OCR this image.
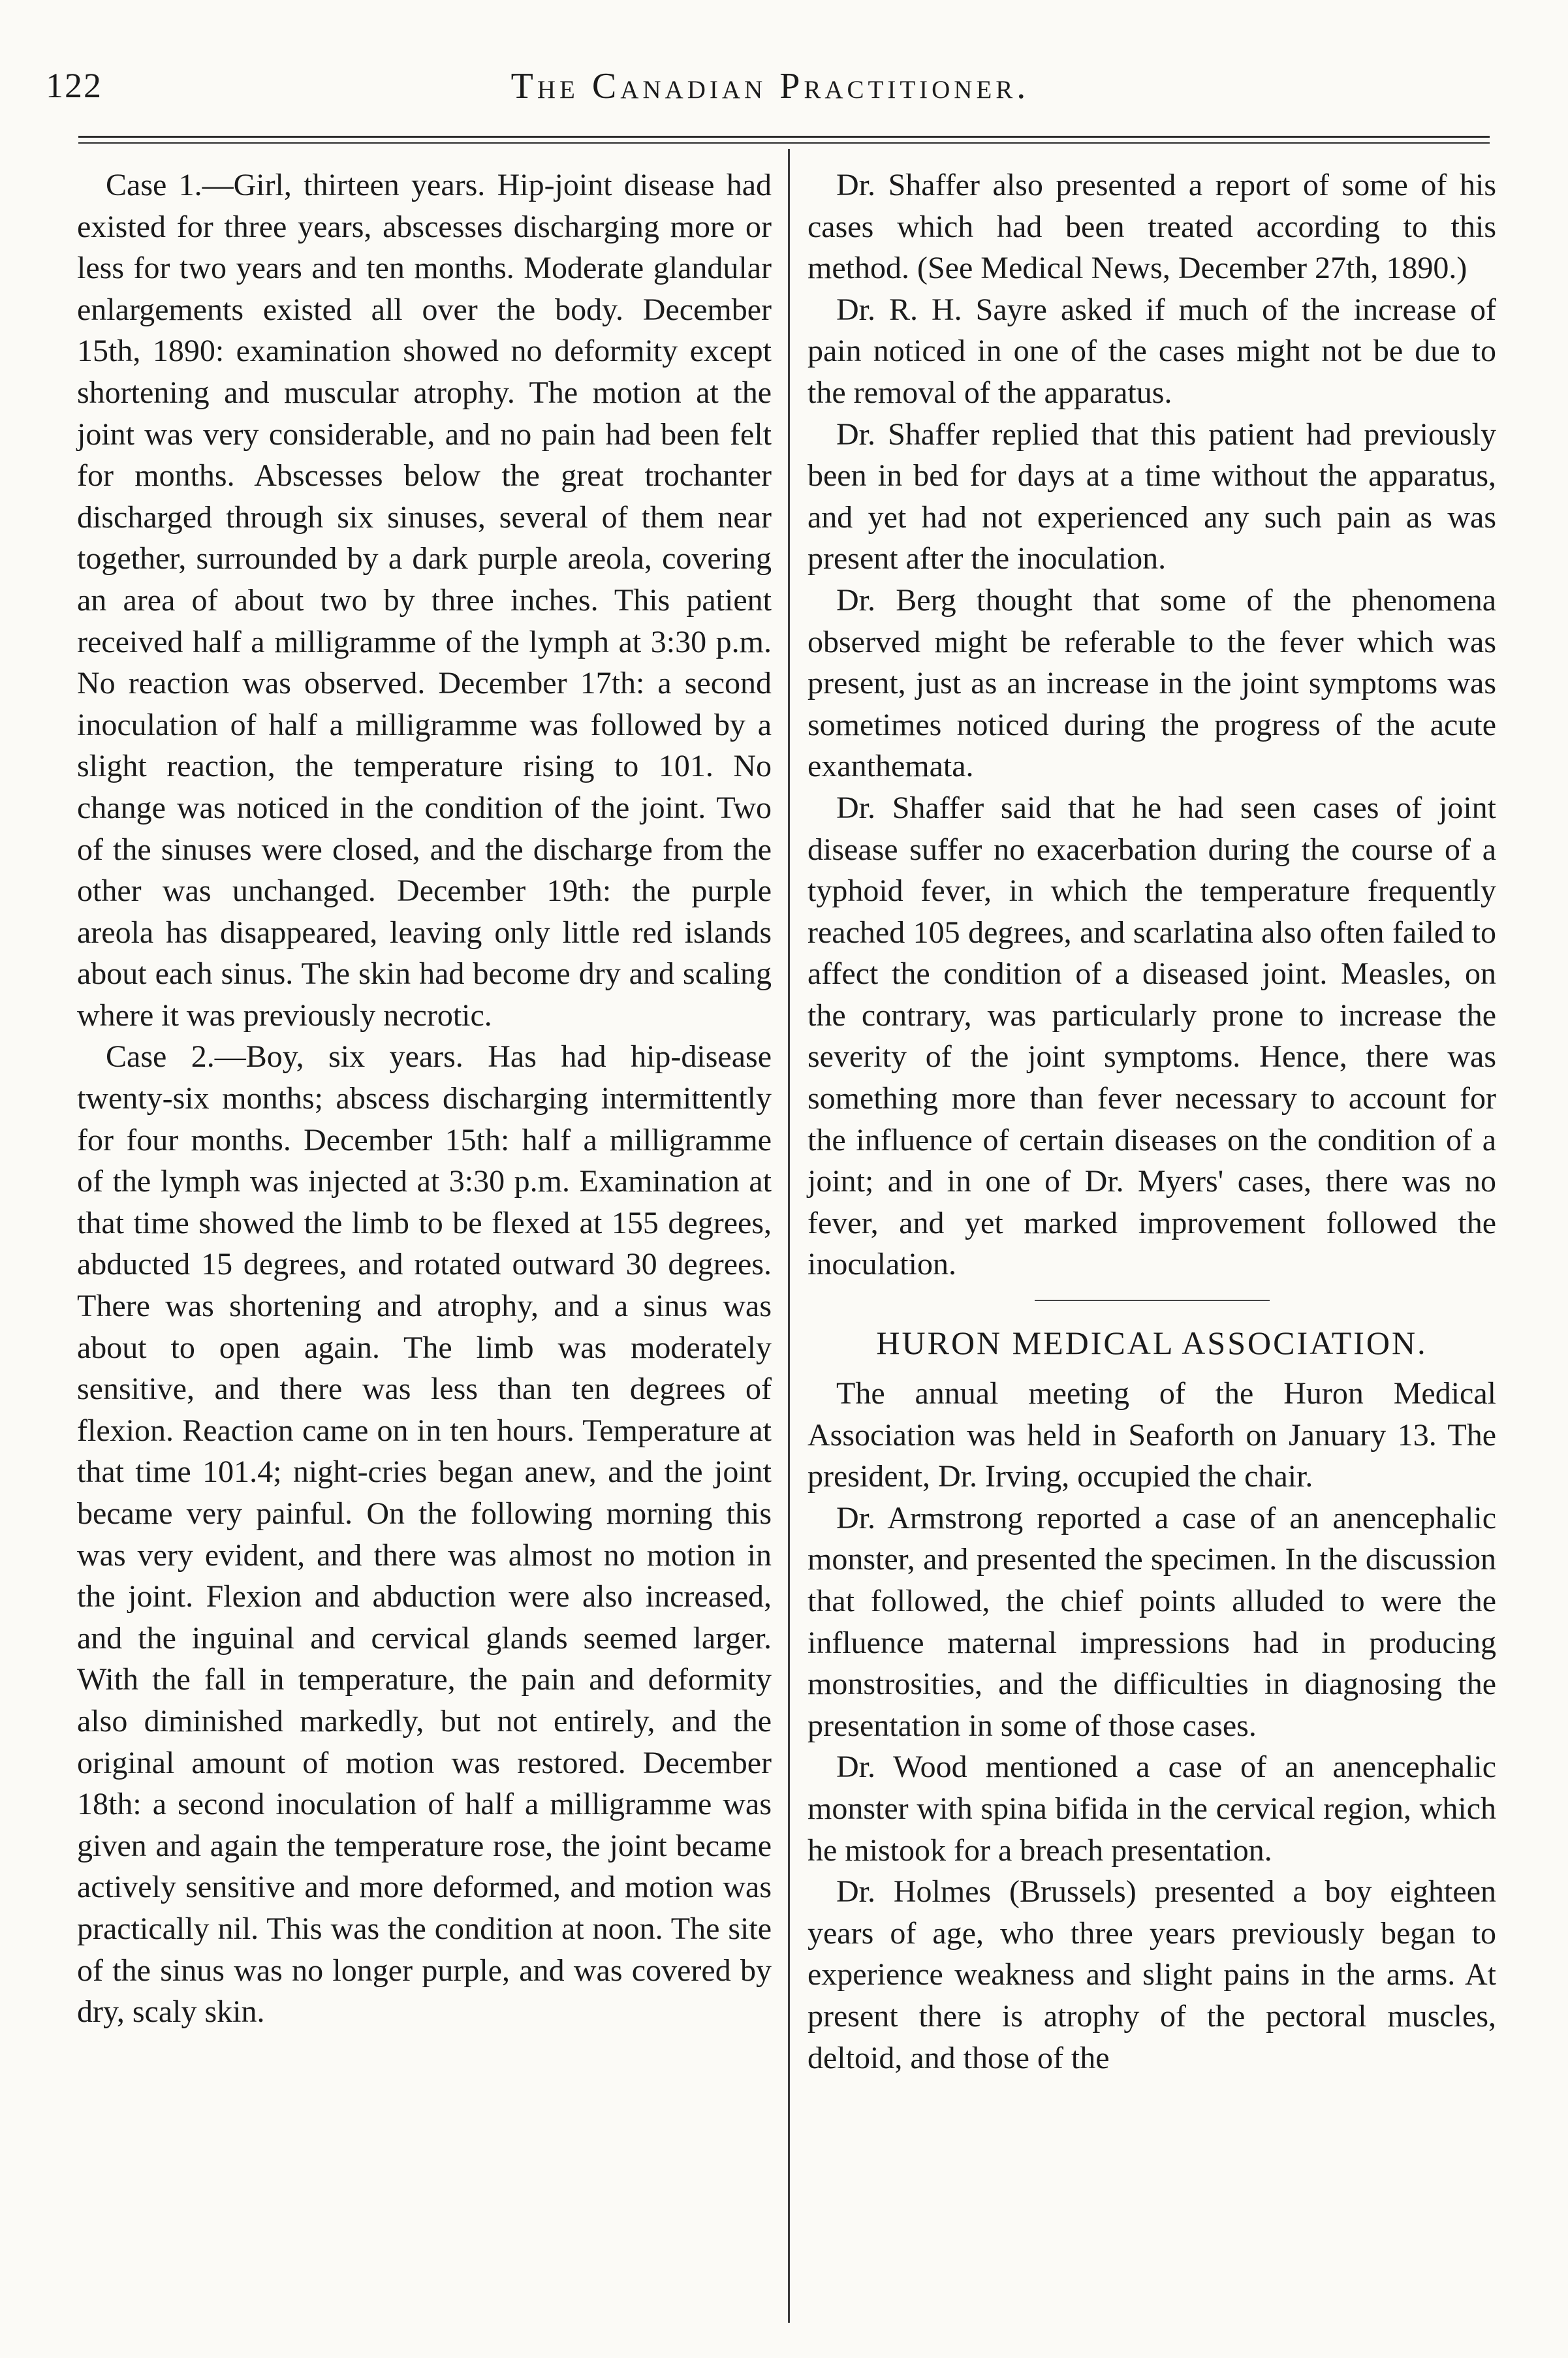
122	The Canadian Practitioner.

Case 1.—Girl, thirteen years. Hip-joint disease had existed for three years, abscesses discharging more or less for two years and ten months. Moderate glandular enlargements existed all over the body. December 15th, 1890: examination showed no deformity except shortening and muscular atrophy. The motion at the joint was very considerable, and no pain had been felt for months. Abscesses below the great trochanter discharged through six sinuses, several of them near together, surrounded by a dark purple areola, covering an area of about two by three inches. This patient received half a milligramme of the lymph at 3:30 p.m. No reaction was observed. December 17th: a second inoculation of half a milligramme was followed by a slight reaction, the temperature rising to 101. No change was noticed in the condition of the joint. Two of the sinuses were closed, and the discharge from the other was unchanged. December 19th: the purple areola has disappeared, leaving only little red islands about each sinus. The skin had become dry and scaling where it was previously necrotic.

Case 2.—Boy, six years. Has had hip-disease twenty-six months; abscess discharging intermittently for four months. December 15th: half a milligramme of the lymph was injected at 3:30 p.m. Examination at that time showed the limb to be flexed at 155 degrees, abducted 15 degrees, and rotated outward 30 degrees. There was shortening and atrophy, and a sinus was about to open again. The limb was moderately sensitive, and there was less than ten degrees of flexion. Reaction came on in ten hours. Temperature at that time 101.4; night-cries began anew, and the joint became very painful. On the following morning this was very evident, and there was almost no motion in the joint. Flexion and abduction were also increased, and the inguinal and cervical glands seemed larger. With the fall in temperature, the pain and deformity also diminished markedly, but not entirely, and the original amount of motion was restored. December 18th: a second inoculation of half a milligramme was given and again the temperature rose, the joint became actively sensitive and more deformed, and motion was practically nil. This was the condition at noon. The site of the sinus was no longer purple, and was covered by dry, scaly skin.

Dr. Shaffer also presented a report of some of his cases which had been treated according to this method. (See Medical News, December 27th, 1890.)

Dr. R. H. Sayre asked if much of the increase of pain noticed in one of the cases might not be due to the removal of the apparatus.

Dr. Shaffer replied that this patient had previously been in bed for days at a time without the apparatus, and yet had not experienced any such pain as was present after the inoculation.

Dr. Berg thought that some of the phenomena observed might be referable to the fever which was present, just as an increase in the joint symptoms was sometimes noticed during the progress of the acute exanthemata.

Dr. Shaffer said that he had seen cases of joint disease suffer no exacerbation during the course of a typhoid fever, in which the temperature frequently reached 105 degrees, and scarlatina also often failed to affect the condition of a diseased joint. Measles, on the contrary, was particularly prone to increase the severity of the joint symptoms. Hence, there was something more than fever necessary to account for the influence of certain diseases on the condition of a joint; and in one of Dr. Myers' cases, there was no fever, and yet marked improvement followed the inoculation.

HURON MEDICAL ASSOCIATION.

The annual meeting of the Huron Medical Association was held in Seaforth on January 13. The president, Dr. Irving, occupied the chair.

Dr. Armstrong reported a case of an anencephalic monster, and presented the specimen. In the discussion that followed, the chief points alluded to were the influence maternal impressions had in producing monstrosities, and the difficulties in diagnosing the presentation in some of those cases.

Dr. Wood mentioned a case of an anencephalic monster with spina bifida in the cervical region, which he mistook for a breach presentation.

Dr. Holmes (Brussels) presented a boy eighteen years of age, who three years previously began to experience weakness and slight pains in the arms. At present there is atrophy of the pectoral muscles, deltoid, and those of the
